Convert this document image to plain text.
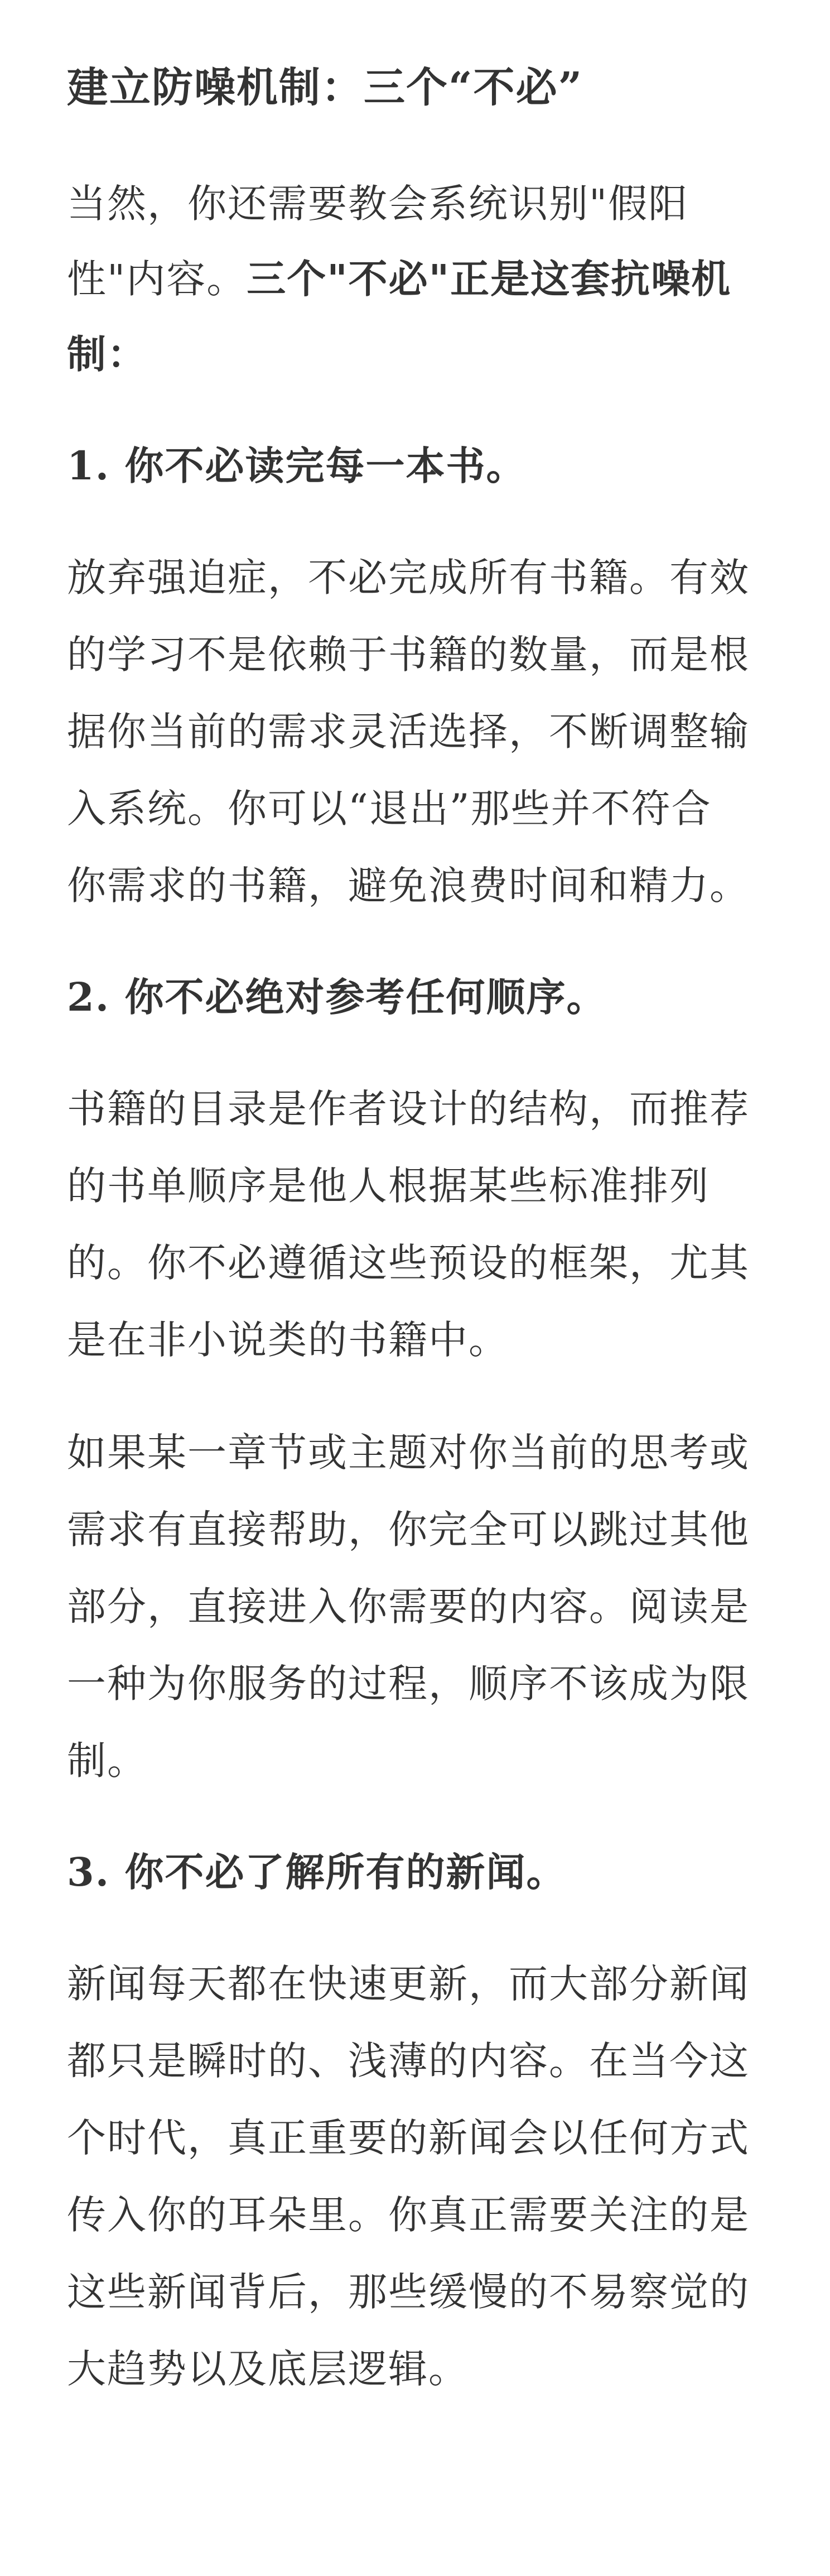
建立防噪机制：三个“不必”
当然，你还需要教会系统识别"假阳
性"内容。三个"不必"正是这套抗噪机
制：
1. 你不必读完每一本书。
放弃强迫症，不必完成所有书籍。有效
的学习不是依赖于书籍的数量，而是根
据你当前的需求灵活选择，不断调整输
入系统。你可以“退出”那些并不符合
你需求的书籍，避免浪费时间和精力。
2. 你不必绝对参考任何顺序。
书籍的目录是作者设计的结构，而推荐
的书单顺序是他人根据某些标准排列
的。你不必遵循这些预设的框架，尤其
是在非小说类的书籍中。
如果某一章节或主题对你当前的思考或
需求有直接帮助，你完全可以跳过其他
部分，直接进入你需要的内容。阅读是
一种为你服务的过程，顺序不该成为限
制。
3. 你不必了解所有的新闻。
新闻每天都在快速更新，而大部分新闻
都只是瞬时的、浅薄的内容。在当今这
个时代，真正重要的新闻会以任何方式
传入你的耳朵里。你真正需要关注的是
这些新闻背后，那些缓慢的不易察觉的
大趋势以及底层逻辑。
